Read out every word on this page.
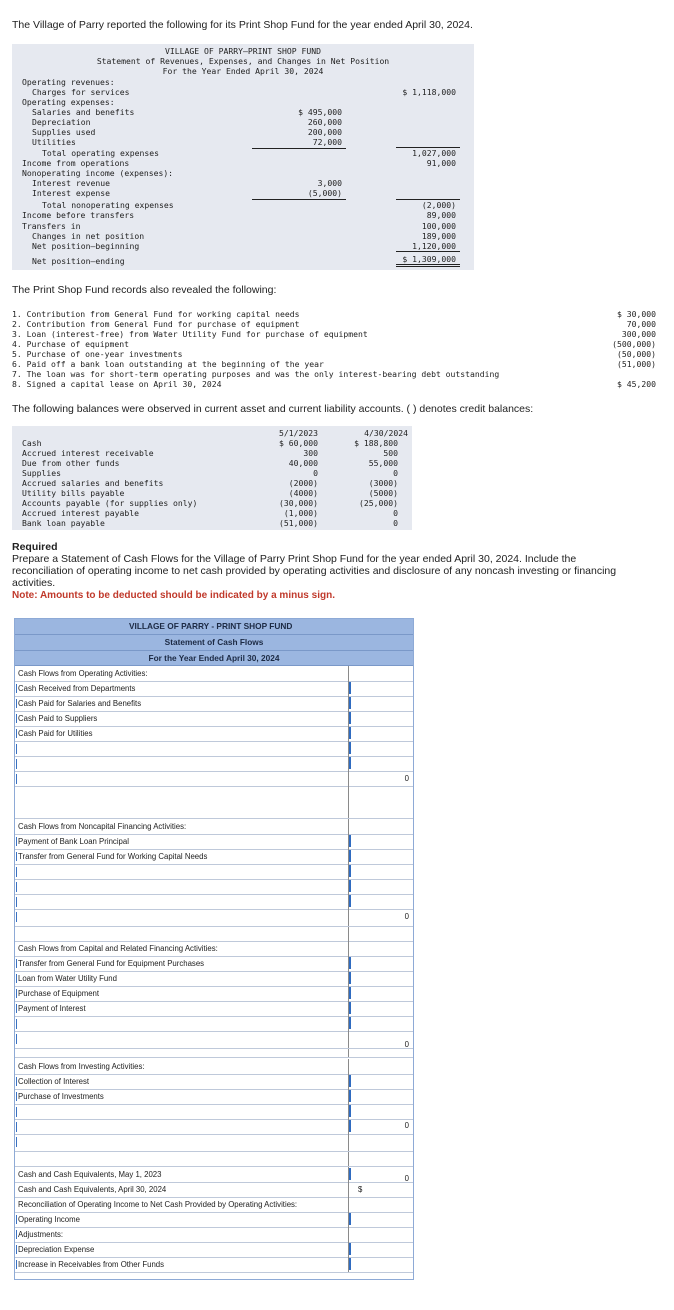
The Village of Parry reported the following for its Print Shop Fund for the year ended April 30, 2024.

VILLAGE OF PARRY—PRINT SHOP FUND
Statement of Revenues, Expenses, and Changes in Net Position
For the Year Ended April 30, 2024
Operating revenues:
Charges for services	$ 1,118,000
Operating expenses:
Salaries and benefits	$ 495,000
Depreciation	260,000
Supplies used	200,000
Utilities	72,000
Total operating expenses	1,027,000
Income from operations	91,000
Nonoperating income (expenses):
Interest revenue	3,000
Interest expense	(5,000)
Total nonoperating expenses	(2,000)
Income before transfers	89,000
Transfers in	100,000
Changes in net position	189,000
Net position—beginning	1,120,000
Net position—ending	$ 1,309,000

The Print Shop Fund records also revealed the following:

1. Contribution from General Fund for working capital needs	$ 30,000
2. Contribution from General Fund for purchase of equipment	70,000
3. Loan (interest-free) from Water Utility Fund for purchase of equipment	300,000
4. Purchase of equipment	(500,000)
5. Purchase of one-year investments	(50,000)
6. Paid off a bank loan outstanding at the beginning of the year	(51,000)
7. The loan was for short-term operating purposes and was the only interest-bearing debt outstanding
8. Signed a capital lease on April 30, 2024	$ 45,200

The following balances were observed in current asset and current liability accounts. ( ) denotes credit balances:

5/1/2023	4/30/2024
Cash	$ 60,000	$ 188,800
Accrued interest receivable	300	500
Due from other funds	40,000	55,000
Supplies	0	0
Accrued salaries and benefits	(2000)	(3000)
Utility bills payable	(4000)	(5000)
Accounts payable (for supplies only)	(30,000)	(25,000)
Accrued interest payable	(1,000)	0
Bank loan payable	(51,000)	0

Required

Prepare a Statement of Cash Flows for the Village of Parry Print Shop Fund for the year ended April 30, 2024. Include the

reconciliation of operating income to net cash provided by operating activities and disclosure of any noncash investing or financing

activities.

Note: Amounts to be deducted should be indicated by a minus sign.

VILLAGE OF PARRY - PRINT SHOP FUND
Statement of Cash Flows
For the Year Ended April 30, 2024
Cash Flows from Operating Activities:
Cash Received from Departments
Cash Paid for Salaries and Benefits
Cash Paid to Suppliers
Cash Paid for Utilities
0
Cash Flows from Noncapital Financing Activities:
Payment of Bank Loan Principal
Transfer from General Fund for Working Capital Needs
0
Cash Flows from Capital and Related Financing Activities:
Transfer from General Fund for Equipment Purchases
Loan from Water Utility Fund
Purchase of Equipment
Payment of Interest
0
Cash Flows from Investing Activities:
Collection of Interest
Purchase of Investments
0
Cash and Cash Equivalents, May 1, 2023
Cash and Cash Equivalents, April 30, 2024	$
0
Reconciliation of Operating Income to Net Cash Provided by Operating Activities:
Operating Income
Adjustments:
Depreciation Expense
Increase in Receivables from Other Funds
